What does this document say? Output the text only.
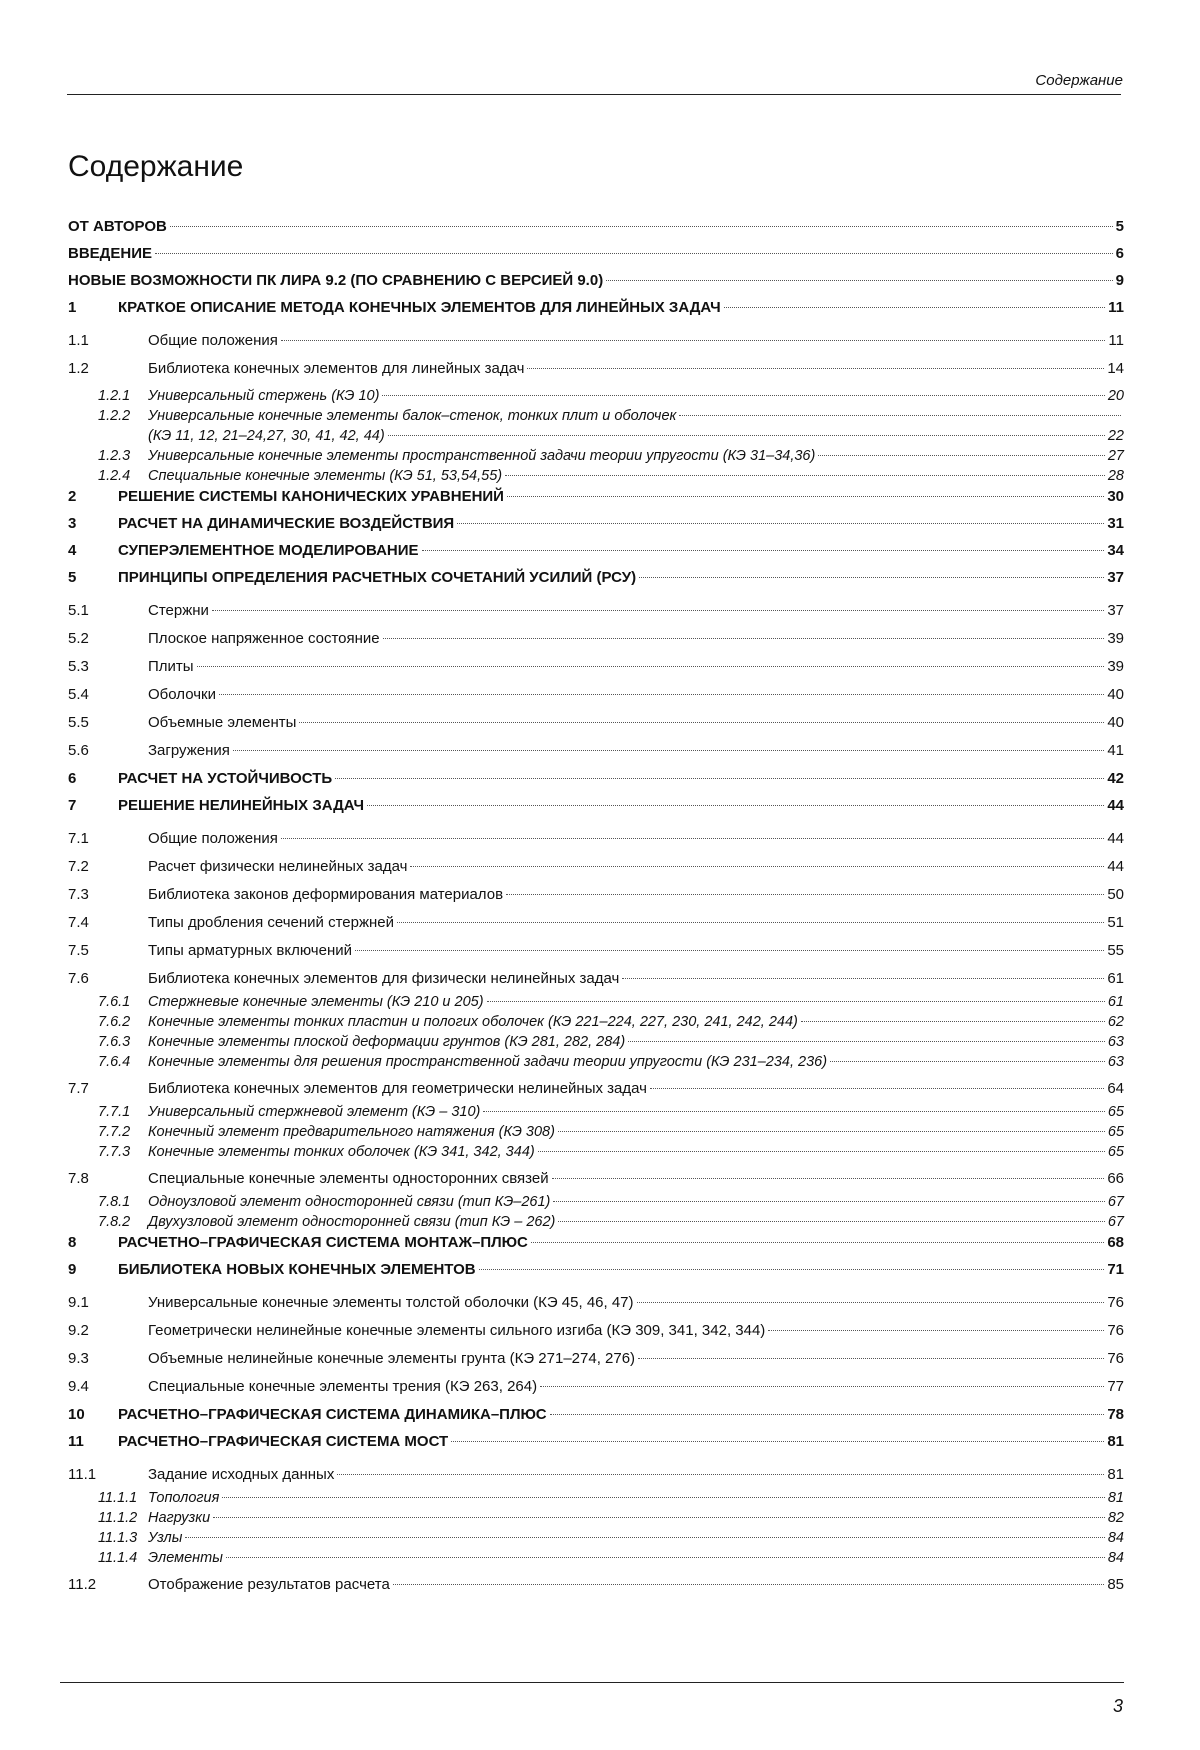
Содержание
Содержание
ОТ АВТОРОВ	5
ВВЕДЕНИЕ	6
НОВЫЕ ВОЗМОЖНОСТИ ПК ЛИРА 9.2 (ПО СРАВНЕНИЮ С ВЕРСИЕЙ 9.0)	9
1	КРАТКОЕ ОПИСАНИЕ МЕТОДА КОНЕЧНЫХ ЭЛЕМЕНТОВ ДЛЯ ЛИНЕЙНЫХ ЗАДАЧ	11
1.1	Общие положения	11
1.2	Библиотека конечных элементов для линейных задач	14
1.2.1	Универсальный стержень (КЭ 10)	20
1.2.2	Универсальные конечные элементы балок–стенок, тонких плит и оболочек
(КЭ 11, 12, 21–24,27, 30, 41, 42, 44)	22
1.2.3	Универсальные конечные элементы пространственной задачи теории упругости (КЭ 31–34,36)	27
1.2.4	Специальные конечные элементы (КЭ 51, 53,54,55)	28
2	РЕШЕНИЕ СИСТЕМЫ КАНОНИЧЕСКИХ УРАВНЕНИЙ	30
3	РАСЧЕТ НА ДИНАМИЧЕСКИЕ ВОЗДЕЙСТВИЯ	31
4	СУПЕРЭЛЕМЕНТНОЕ МОДЕЛИРОВАНИЕ	34
5	ПРИНЦИПЫ ОПРЕДЕЛЕНИЯ РАСЧЕТНЫХ СОЧЕТАНИЙ УСИЛИЙ (РСУ)	37
5.1	Стержни	37
5.2	Плоское напряженное состояние	39
5.3	Плиты	39
5.4	Оболочки	40
5.5	Объемные элементы	40
5.6	Загружения	41
6	РАСЧЕТ НА УСТОЙЧИВОСТЬ	42
7	РЕШЕНИЕ НЕЛИНЕЙНЫХ ЗАДАЧ	44
7.1	Общие положения	44
7.2	Расчет физически нелинейных задач	44
7.3	Библиотека законов деформирования материалов	50
7.4	Типы дробления сечений стержней	51
7.5	Типы арматурных включений	55
7.6	Библиотека конечных элементов для физически нелинейных задач	61
7.6.1	Стержневые конечные элементы (КЭ 210 и 205)	61
7.6.2	Конечные элементы тонких пластин и пологих оболочек (КЭ 221–224, 227, 230, 241, 242, 244)	62
7.6.3	Конечные элементы плоской деформации грунтов (КЭ 281, 282, 284)	63
7.6.4	Конечные элементы для решения пространственной задачи теории упругости (КЭ 231–234, 236)	63
7.7	Библиотека конечных элементов для геометрически нелинейных задач	64
7.7.1	Универсальный стержневой элемент (КЭ – 310)	65
7.7.2	Конечный элемент предварительного натяжения (КЭ 308)	65
7.7.3	Конечные элементы тонких оболочек (КЭ 341, 342, 344)	65
7.8	Специальные конечные элементы односторонних связей	66
7.8.1	Одноузловой элемент односторонней связи (тип КЭ–261)	67
7.8.2	Двухузловой элемент односторонней связи (тип КЭ – 262)	67
8	РАСЧЕТНО–ГРАФИЧЕСКАЯ СИСТЕМА МОНТАЖ–ПЛЮС	68
9	БИБЛИОТЕКА НОВЫХ КОНЕЧНЫХ ЭЛЕМЕНТОВ	71
9.1	Универсальные конечные элементы толстой оболочки (КЭ 45, 46, 47)	76
9.2	Геометрически нелинейные конечные элементы сильного изгиба (КЭ 309, 341, 342, 344)	76
9.3	Объемные нелинейные конечные элементы грунта (КЭ 271–274, 276)	76
9.4	Специальные конечные элементы трения (КЭ 263, 264)	77
10	РАСЧЕТНО–ГРАФИЧЕСКАЯ СИСТЕМА ДИНАМИКА–ПЛЮС	78
11	РАСЧЕТНО–ГРАФИЧЕСКАЯ СИСТЕМА МОСТ	81
11.1	Задание исходных данных	81
11.1.1 Топология	81
11.1.2 Нагрузки	82
11.1.3 Узлы	84
11.1.4 Элементы	84
11.2	Отображение результатов расчета	85
3
